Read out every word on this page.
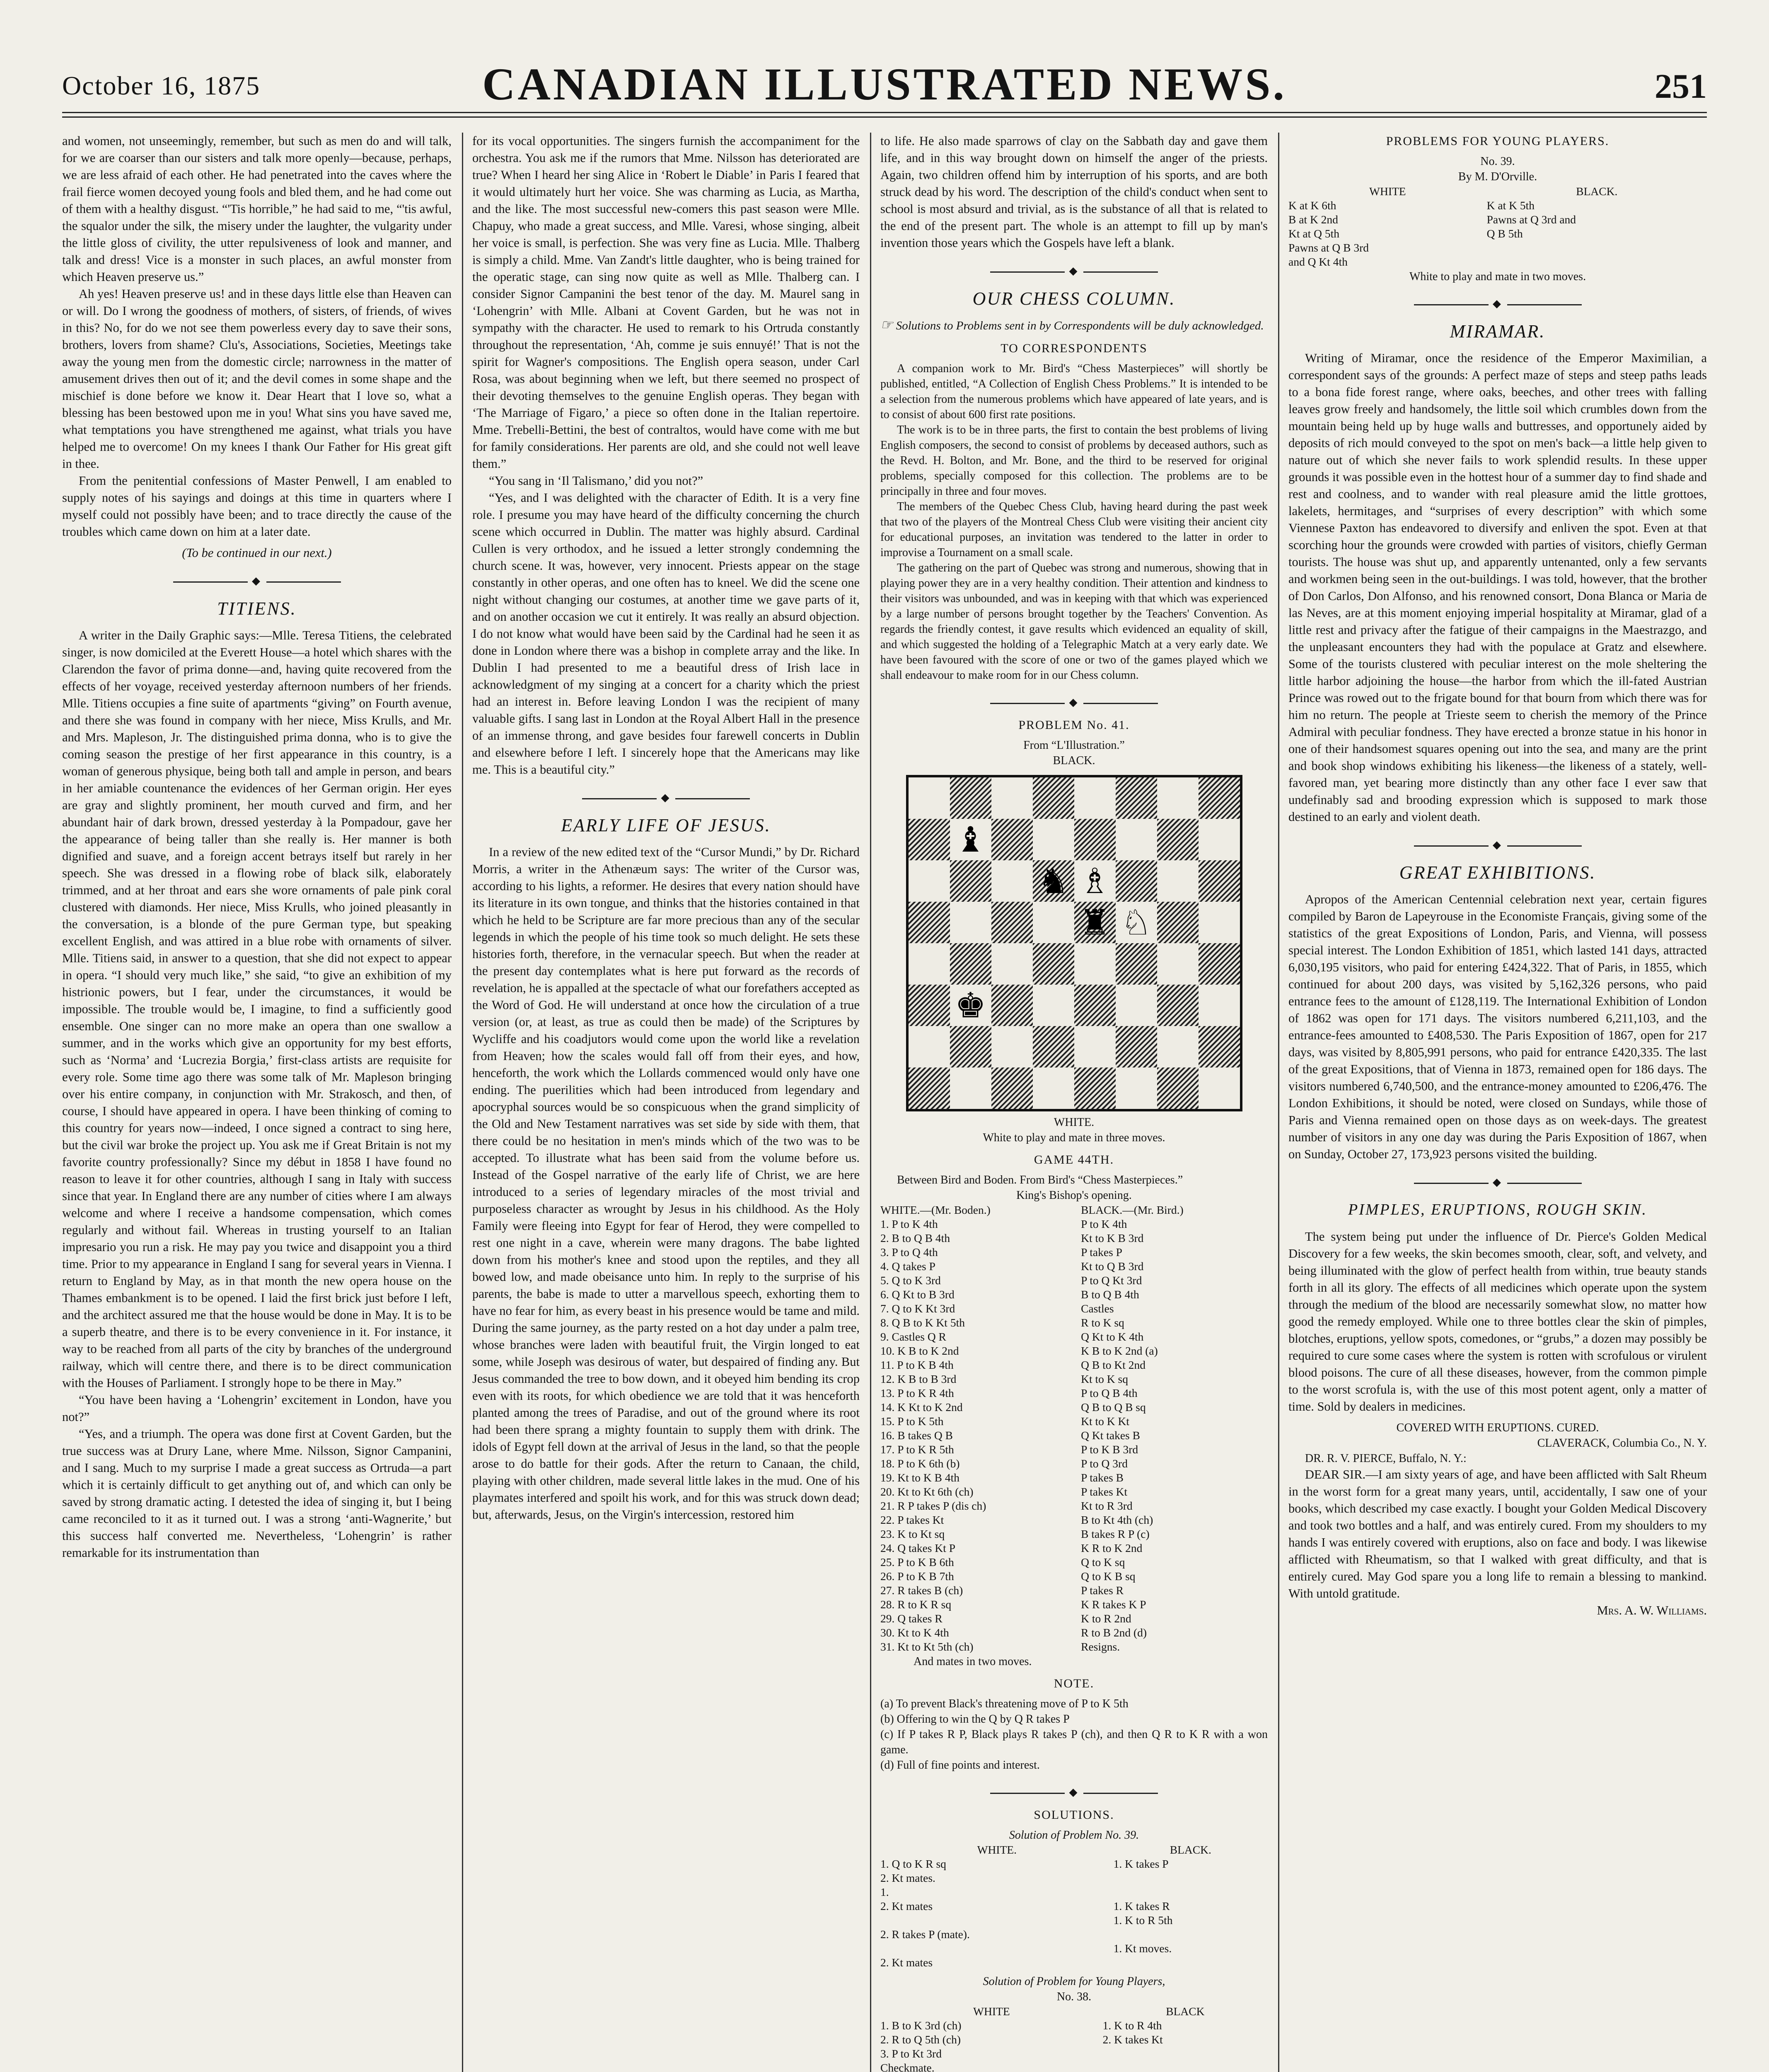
October 16, 1875	CANADIAN ILLUSTRATED NEWS.	251

and women, not unseemingly, remember, but such as men do and will talk, for we are coarser than our sisters and talk more openly—because, perhaps, we are less afraid of each other. He had penetrated into the caves where the frail fierce women decoyed young fools and bled them, and he had come out of them with a healthy disgust. “'Tis horrible,” he had said to me, “'tis awful, the squalor under the silk, the misery under the laughter, the vulgarity under the little gloss of civility, the utter repulsiveness of look and manner, and talk and dress! Vice is a monster in such places, an awful monster from which Heaven preserve us.”

Ah yes! Heaven preserve us! and in these days little else than Heaven can or will. Do I wrong the goodness of mothers, of sisters, of friends, of wives in this? No, for do we not see them powerless every day to save their sons, brothers, lovers from shame? Clu's, Associations, Societies, Meetings take away the young men from the domestic circle; narrowness in the matter of amusement drives then out of it; and the devil comes in some shape and the mischief is done before we know it. Dear Heart that I love so, what a blessing has been bestowed upon me in you! What sins you have saved me, what temptations you have strengthened me against, what trials you have helped me to overcome! On my knees I thank Our Father for His great gift in thee.

From the penitential confessions of Master Penwell, I am enabled to supply notes of his sayings and doings at this time in quarters where I myself could not possibly have been; and to trace directly the cause of the troubles which came down on him at a later date.

(To be continued in our next.)

◆
TITIENS.

A writer in the Daily Graphic says:—Mlle. Teresa Titiens, the celebrated singer, is now domiciled at the Everett House—a hotel which shares with the Clarendon the favor of prima donne—and, having quite recovered from the effects of her voyage, received yesterday afternoon numbers of her friends. Mlle. Titiens occupies a fine suite of apartments “giving” on Fourth avenue, and there she was found in company with her niece, Miss Krulls, and Mr. and Mrs. Mapleson, Jr. The distinguished prima donna, who is to give the coming season the prestige of her first appearance in this country, is a woman of generous physique, being both tall and ample in person, and bears in her amiable countenance the evidences of her German origin. Her eyes are gray and slightly prominent, her mouth curved and firm, and her abundant hair of dark brown, dressed yesterday à la Pompadour, gave her the appearance of being taller than she really is. Her manner is both dignified and suave, and a foreign accent betrays itself but rarely in her speech. She was dressed in a flowing robe of black silk, elaborately trimmed, and at her throat and ears she wore ornaments of pale pink coral clustered with diamonds. Her niece, Miss Krulls, who joined pleasantly in the conversation, is a blonde of the pure German type, but speaking excellent English, and was attired in a blue robe with ornaments of silver. Mlle. Titiens said, in answer to a question, that she did not expect to appear in opera. “I should very much like,” she said, “to give an exhibition of my histrionic powers, but I fear, under the circumstances, it would be impossible. The trouble would be, I imagine, to find a sufficiently good ensemble. One singer can no more make an opera than one swallow a summer, and in the works which give an opportunity for my best efforts, such as ‘Norma’ and ‘Lucrezia Borgia,’ first-class artists are requisite for every role. Some time ago there was some talk of Mr. Mapleson bringing over his entire company, in conjunction with Mr. Strakosch, and then, of course, I should have appeared in opera. I have been thinking of coming to this country for years now—indeed, I once signed a contract to sing here, but the civil war broke the project up. You ask me if Great Britain is not my favorite country professionally? Since my début in 1858 I have found no reason to leave it for other countries, although I sang in Italy with success since that year. In England there are any number of cities where I am always welcome and where I receive a handsome compensation, which comes regularly and without fail. Whereas in trusting yourself to an Italian impresario you run a risk. He may pay you twice and disappoint you a third time. Prior to my appearance in England I sang for several years in Vienna. I return to England by May, as in that month the new opera house on the Thames embankment is to be opened. I laid the first brick just before I left, and the architect assured me that the house would be done in May. It is to be a superb theatre, and there is to be every convenience in it. For instance, it way to be reached from all parts of the city by branches of the underground railway, which will centre there, and there is to be direct communication with the Houses of Parliament. I strongly hope to be there in May.”

“You have been having a ‘Lohengrin’ excitement in London, have you not?”

“Yes, and a triumph. The opera was done first at Covent Garden, but the true success was at Drury Lane, where Mme. Nilsson, Signor Campanini, and I sang. Much to my surprise I made a great success as Ortruda—a part which it is certainly difficult to get anything out of, and which can only be saved by strong dramatic acting. I detested the idea of singing it, but I being came reconciled to it as it turned out. I was a strong ‘anti-Wagnerite,’ but this success half converted me. Nevertheless, ‘Lohengrin’ is rather remarkable for its instrumentation than

for its vocal opportunities. The singers furnish the accompaniment for the orchestra. You ask me if the rumors that Mme. Nilsson has deteriorated are true? When I heard her sing Alice in ‘Robert le Diable’ in Paris I feared that it would ultimately hurt her voice. She was charming as Lucia, as Martha, and the like. The most successful new-comers this past season were Mlle. Chapuy, who made a great success, and Mlle. Varesi, whose singing, albeit her voice is small, is perfection. She was very fine as Lucia. Mlle. Thalberg is simply a child. Mme. Van Zandt's little daughter, who is being trained for the operatic stage, can sing now quite as well as Mlle. Thalberg can. I consider Signor Campanini the best tenor of the day. M. Maurel sang in ‘Lohengrin’ with Mlle. Albani at Covent Garden, but he was not in sympathy with the character. He used to remark to his Ortruda constantly throughout the representation, ‘Ah, comme je suis ennuyé!’ That is not the spirit for Wagner's compositions. The English opera season, under Carl Rosa, was about beginning when we left, but there seemed no prospect of their devoting themselves to the genuine English operas. They began with ‘The Marriage of Figaro,’ a piece so often done in the Italian repertoire. Mme. Trebelli-Bettini, the best of contraltos, would have come with me but for family considerations. Her parents are old, and she could not well leave them.”

“You sang in ‘Il Talismano,’ did you not?”

“Yes, and I was delighted with the character of Edith. It is a very fine role. I presume you may have heard of the difficulty concerning the church scene which occurred in Dublin. The matter was highly absurd. Cardinal Cullen is very orthodox, and he issued a letter strongly condemning the church scene. It was, however, very innocent. Priests appear on the stage constantly in other operas, and one often has to kneel. We did the scene one night without changing our costumes, at another time we gave parts of it, and on another occasion we cut it entirely. It was really an absurd objection. I do not know what would have been said by the Cardinal had he seen it as done in London where there was a bishop in complete array and the like. In Dublin I had presented to me a beautiful dress of Irish lace in acknowledgment of my singing at a concert for a charity which the priest had an interest in. Before leaving London I was the recipient of many valuable gifts. I sang last in London at the Royal Albert Hall in the presence of an immense throng, and gave besides four farewell concerts in Dublin and elsewhere before I left. I sincerely hope that the Americans may like me. This is a beautiful city.”

◆
EARLY LIFE OF JESUS.

In a review of the new edited text of the “Cursor Mundi,” by Dr. Richard Morris, a writer in the Athenæum says: The writer of the Cursor was, according to his lights, a reformer. He desires that every nation should have its literature in its own tongue, and thinks that the histories contained in that which he held to be Scripture are far more precious than any of the secular legends in which the people of his time took so much delight. He sets these histories forth, therefore, in the vernacular speech. But when the reader at the present day contemplates what is here put forward as the records of revelation, he is appalled at the spectacle of what our forefathers accepted as the Word of God. He will understand at once how the circulation of a true version (or, at least, as true as could then be made) of the Scriptures by Wycliffe and his coadjutors would come upon the world like a revelation from Heaven; how the scales would fall off from their eyes, and how, henceforth, the work which the Lollards commenced would only have one ending. The puerilities which had been introduced from legendary and apocryphal sources would be so conspicuous when the grand simplicity of the Old and New Testament narratives was set side by side with them, that there could be no hesitation in men's minds which of the two was to be accepted. To illustrate what has been said from the volume before us. Instead of the Gospel narrative of the early life of Christ, we are here introduced to a series of legendary miracles of the most trivial and purposeless character as wrought by Jesus in his childhood. As the Holy Family were fleeing into Egypt for fear of Herod, they were compelled to rest one night in a cave, wherein were many dragons. The babe lighted down from his mother's knee and stood upon the reptiles, and they all bowed low, and made obeisance unto him. In reply to the surprise of his parents, the babe is made to utter a marvellous speech, exhorting them to have no fear for him, as every beast in his presence would be tame and mild. During the same journey, as the party rested on a hot day under a palm tree, whose branches were laden with beautiful fruit, the Virgin longed to eat some, while Joseph was desirous of water, but despaired of finding any. But Jesus commanded the tree to bow down, and it obeyed him bending its crop even with its roots, for which obedience we are told that it was henceforth planted among the trees of Paradise, and out of the ground where its root had been there sprang a mighty fountain to supply them with drink. The idols of Egypt fell down at the arrival of Jesus in the land, so that the people arose to do battle for their gods. After the return to Canaan, the child, playing with other children, made several little lakes in the mud. One of his playmates interfered and spoilt his work, and for this was struck down dead; but, afterwards, Jesus, on the Virgin's intercession, restored him

to life. He also made sparrows of clay on the Sabbath day and gave them life, and in this way brought down on himself the anger of the priests. Again, two children offend him by interruption of his sports, and are both struck dead by his word. The description of the child's conduct when sent to school is most absurd and trivial, as is the substance of all that is related to the end of the present part. The whole is an attempt to fill up by man's invention those years which the Gospels have left a blank.

◆
OUR CHESS COLUMN.

☞ Solutions to Problems sent in by Correspondents will be duly acknowledged.

TO CORRESPONDENTS

A companion work to Mr. Bird's “Chess Masterpieces” will shortly be published, entitled, “A Collection of English Chess Problems.” It is intended to be a selection from the numerous problems which have appeared of late years, and is to consist of about 600 first rate positions.

The work is to be in three parts, the first to contain the best problems of living English composers, the second to consist of problems by deceased authors, such as the Revd. H. Bolton, and Mr. Bone, and the third to be reserved for original problems, specially composed for this collection. The problems are to be principally in three and four moves.

The members of the Quebec Chess Club, having heard during the past week that two of the players of the Montreal Chess Club were visiting their ancient city for educational purposes, an invitation was tendered to the latter in order to improvise a Tournament on a small scale.

The gathering on the part of Quebec was strong and numerous, showing that in playing power they are in a very healthy condition. Their attention and kindness to their visitors was unbounded, and was in keeping with that which was experienced by a large number of persons brought together by the Teachers' Convention. As regards the friendly contest, it gave results which evidenced an equality of skill, and which suggested the holding of a Telegraphic Match at a very early date. We have been favoured with the score of one or two of the games played which we shall endeavour to make room for in our Chess column.

◆
PROBLEM No. 41.

From “L'Illustration.”

BLACK.

♝
♞ ♗
♜ ♘
♚

WHITE.

White to play and mate in three moves.

GAME 44TH.

Between Bird and Boden. From Bird's “Chess Masterpieces.”

King's Bishop's opening.

WHITE.—(Mr. Boden.)	BLACK.—(Mr. Bird.)
1. P to K 4th	P to K 4th
2. B to Q B 4th	Kt to K B 3rd
3. P to Q 4th	P takes P
4. Q takes P	Kt to Q B 3rd
5. Q to K 3rd	P to Q Kt 3rd
6. Q Kt to B 3rd	B to Q B 4th
7. Q to K Kt 3rd	Castles
8. Q B to K Kt 5th	R to K sq
9. Castles Q R	Q Kt to K 4th
10. K B to K 2nd	K B to K 2nd (a)
11. P to K B 4th	Q B to Kt 2nd
12. K B to B 3rd	Kt to K sq
13. P to K R 4th	P to Q B 4th
14. K Kt to K 2nd	Q B to Q B sq
15. P to K 5th	Kt to K Kt
16. B takes Q B	Q Kt takes B
17. P to K R 5th	P to K B 3rd
18. P to K 6th (b)	P to Q 3rd
19. Kt to K B 4th	P takes B
20. Kt to Kt 6th (ch)	P takes Kt
21. R P takes P (dis ch)	Kt to R 3rd
22. P takes Kt	B to Kt 4th (ch)
23. K to Kt sq	B takes R P (c)
24. Q takes Kt P	K R to K 2nd
25. P to K B 6th	Q to K sq
26. P to K B 7th	Q to K B sq
27. R takes B (ch)	P takes R
28. R to K R sq	K R takes K P
29. Q takes R	K to R 2nd
30. Kt to K 4th	R to B 2nd (d)
31. Kt to Kt 5th (ch)	Resigns.

And mates in two moves.

NOTE.

(a) To prevent Black's threatening move of P to K 5th

(b) Offering to win the Q by Q R takes P

(c) If P takes R P, Black plays R takes P (ch), and then Q R to K R with a won game.

(d) Full of fine points and interest.

◆
SOLUTIONS.

Solution of Problem No. 39.

WHITE.	BLACK.
1. Q to K R sq	1. K takes P
2. Kt mates.	
1.	

2. Kt mates	1. K takes R

	1. K to R 5th
2. R takes P (mate).	
	1. Kt moves.
2. Kt mates	

Solution of Problem for Young Players,

No. 38.

WHITE	BLACK
1. B to K 3rd (ch)	1. K to R 4th
2. R to Q 5th (ch)	2. K takes Kt
3. P to Kt 3rd	
Checkmate.	
PROBLEMS FOR YOUNG PLAYERS.

No. 39.

By M. D'Orville.

WHITE	BLACK.
K at K 6th	K at K 5th
B at K 2nd	Pawns at Q 3rd and
Kt at Q 5th	Q B 5th
Pawns at Q B 3rd	
and Q Kt 4th	

White to play and mate in two moves.

◆
MIRAMAR.

Writing of Miramar, once the residence of the Emperor Maximilian, a correspondent says of the grounds: A perfect maze of steps and steep paths leads to a bona fide forest range, where oaks, beeches, and other trees with falling leaves grow freely and handsomely, the little soil which crumbles down from the mountain being held up by huge walls and buttresses, and opportunely aided by deposits of rich mould conveyed to the spot on men's back—a little help given to nature out of which she never fails to work splendid results. In these upper grounds it was possible even in the hottest hour of a summer day to find shade and rest and coolness, and to wander with real pleasure amid the little grottoes, lakelets, hermitages, and “surprises of every description” with which some Viennese Paxton has endeavored to diversify and enliven the spot. Even at that scorching hour the grounds were crowded with parties of visitors, chiefly German tourists. The house was shut up, and apparently untenanted, only a few servants and workmen being seen in the out-buildings. I was told, however, that the brother of Don Carlos, Don Alfonso, and his renowned consort, Dona Blanca or Maria de las Neves, are at this moment enjoying imperial hospitality at Miramar, glad of a little rest and privacy after the fatigue of their campaigns in the Maestrazgo, and the unpleasant encounters they had with the populace at Gratz and elsewhere. Some of the tourists clustered with peculiar interest on the mole sheltering the little harbor adjoining the house—the harbor from which the ill-fated Austrian Prince was rowed out to the frigate bound for that bourn from which there was for him no return. The people at Trieste seem to cherish the memory of the Prince Admiral with peculiar fondness. They have erected a bronze statue in his honor in one of their handsomest squares opening out into the sea, and many are the print and book shop windows exhibiting his likeness—the likeness of a stately, well-favored man, yet bearing more distinctly than any other face I ever saw that undefinably sad and brooding expression which is supposed to mark those destined to an early and violent death.

◆
GREAT EXHIBITIONS.

Apropos of the American Centennial celebration next year, certain figures compiled by Baron de Lapeyrouse in the Economiste Français, giving some of the statistics of the great Expositions of London, Paris, and Vienna, will possess special interest. The London Exhibition of 1851, which lasted 141 days, attracted 6,030,195 visitors, who paid for entering £424,322. That of Paris, in 1855, which continued for about 200 days, was visited by 5,162,326 persons, who paid entrance fees to the amount of £128,119. The International Exhibition of London of 1862 was open for 171 days. The visitors numbered 6,211,103, and the entrance-fees amounted to £408,530. The Paris Exposition of 1867, open for 217 days, was visited by 8,805,991 persons, who paid for entrance £420,335. The last of the great Expositions, that of Vienna in 1873, remained open for 186 days. The visitors numbered 6,740,500, and the entrance-money amounted to £206,476. The London Exhibitions, it should be noted, were closed on Sundays, while those of Paris and Vienna remained open on those days as on week-days. The greatest number of visitors in any one day was during the Paris Exposition of 1867, when on Sunday, October 27, 173,923 persons visited the building.

◆
PIMPLES, ERUPTIONS, ROUGH SKIN.

The system being put under the influence of Dr. Pierce's Golden Medical Discovery for a few weeks, the skin becomes smooth, clear, soft, and velvety, and being illuminated with the glow of perfect health from within, true beauty stands forth in all its glory. The effects of all medicines which operate upon the system through the medium of the blood are necessarily somewhat slow, no matter how good the remedy employed. While one to three bottles clear the skin of pimples, blotches, eruptions, yellow spots, comedones, or “grubs,” a dozen may possibly be required to cure some cases where the system is rotten with scrofulous or virulent blood poisons. The cure of all these diseases, however, from the common pimple to the worst scrofula is, with the use of this most potent agent, only a matter of time. Sold by dealers in medicines.

COVERED WITH ERUPTIONS. CURED.

CLAVERACK, Columbia Co., N. Y.

DR. R. V. PIERCE, Buffalo, N. Y.:

DEAR SIR.—I am sixty years of age, and have been afflicted with Salt Rheum in the worst form for a great many years, until, accidentally, I saw one of your books, which described my case exactly. I bought your Golden Medical Discovery and took two bottles and a half, and was entirely cured. From my shoulders to my hands I was entirely covered with eruptions, also on face and body. I was likewise afflicted with Rheumatism, so that I walked with great difficulty, and that is entirely cured. May God spare you a long life to remain a blessing to mankind. With untold gratitude.

Mrs. A. W. Williams.
